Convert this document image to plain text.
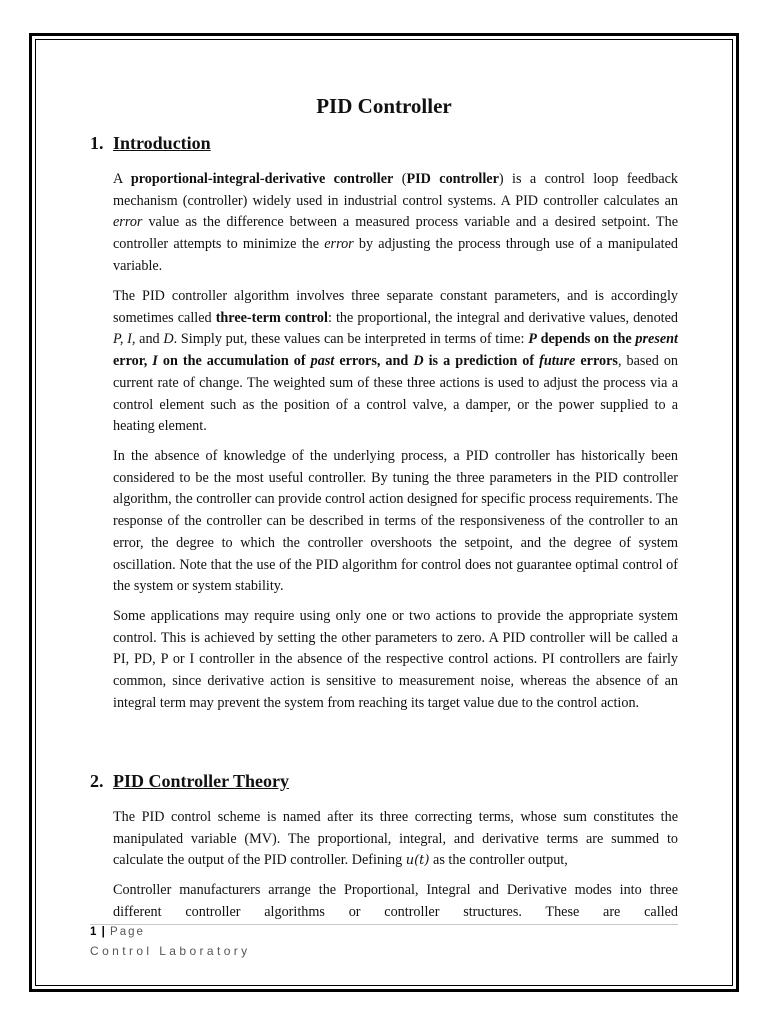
PID Controller
1. Introduction

A proportional-integral-derivative controller (PID controller) is a control loop feedback mechanism (controller) widely used in industrial control systems. A PID controller calculates an error value as the difference between a measured process variable and a desired setpoint. The controller attempts to minimize the error by adjusting the process through use of a manipulated variable.

The PID controller algorithm involves three separate constant parameters, and is accordingly sometimes called three-term control: the proportional, the integral and derivative values, denoted P, I, and D. Simply put, these values can be interpreted in terms of time: P depends on the present error, I on the accumulation of past errors, and D is a prediction of future errors, based on current rate of change. The weighted sum of these three actions is used to adjust the process via a control element such as the position of a control valve, a damper, or the power supplied to a heating element.

In the absence of knowledge of the underlying process, a PID controller has historically been considered to be the most useful controller. By tuning the three parameters in the PID controller algorithm, the controller can provide control action designed for specific process requirements. The response of the controller can be described in terms of the responsiveness of the controller to an error, the degree to which the controller overshoots the setpoint, and the degree of system oscillation. Note that the use of the PID algorithm for control does not guarantee optimal control of the system or system stability.

Some applications may require using only one or two actions to provide the appropriate system control. This is achieved by setting the other parameters to zero. A PID controller will be called a PI, PD, P or I controller in the absence of the respective control actions. PI controllers are fairly common, since derivative action is sensitive to measurement noise, whereas the absence of an integral term may prevent the system from reaching its target value due to the control action.

2. PID Controller Theory

The PID control scheme is named after its three correcting terms, whose sum constitutes the manipulated variable (MV). The proportional, integral, and derivative terms are summed to calculate the output of the PID controller. Defining u(t) as the controller output,

Controller manufacturers arrange the Proportional, Integral and Derivative modes into three different controller algorithms or controller structures. These are called

1 | Page
Control Laboratory
